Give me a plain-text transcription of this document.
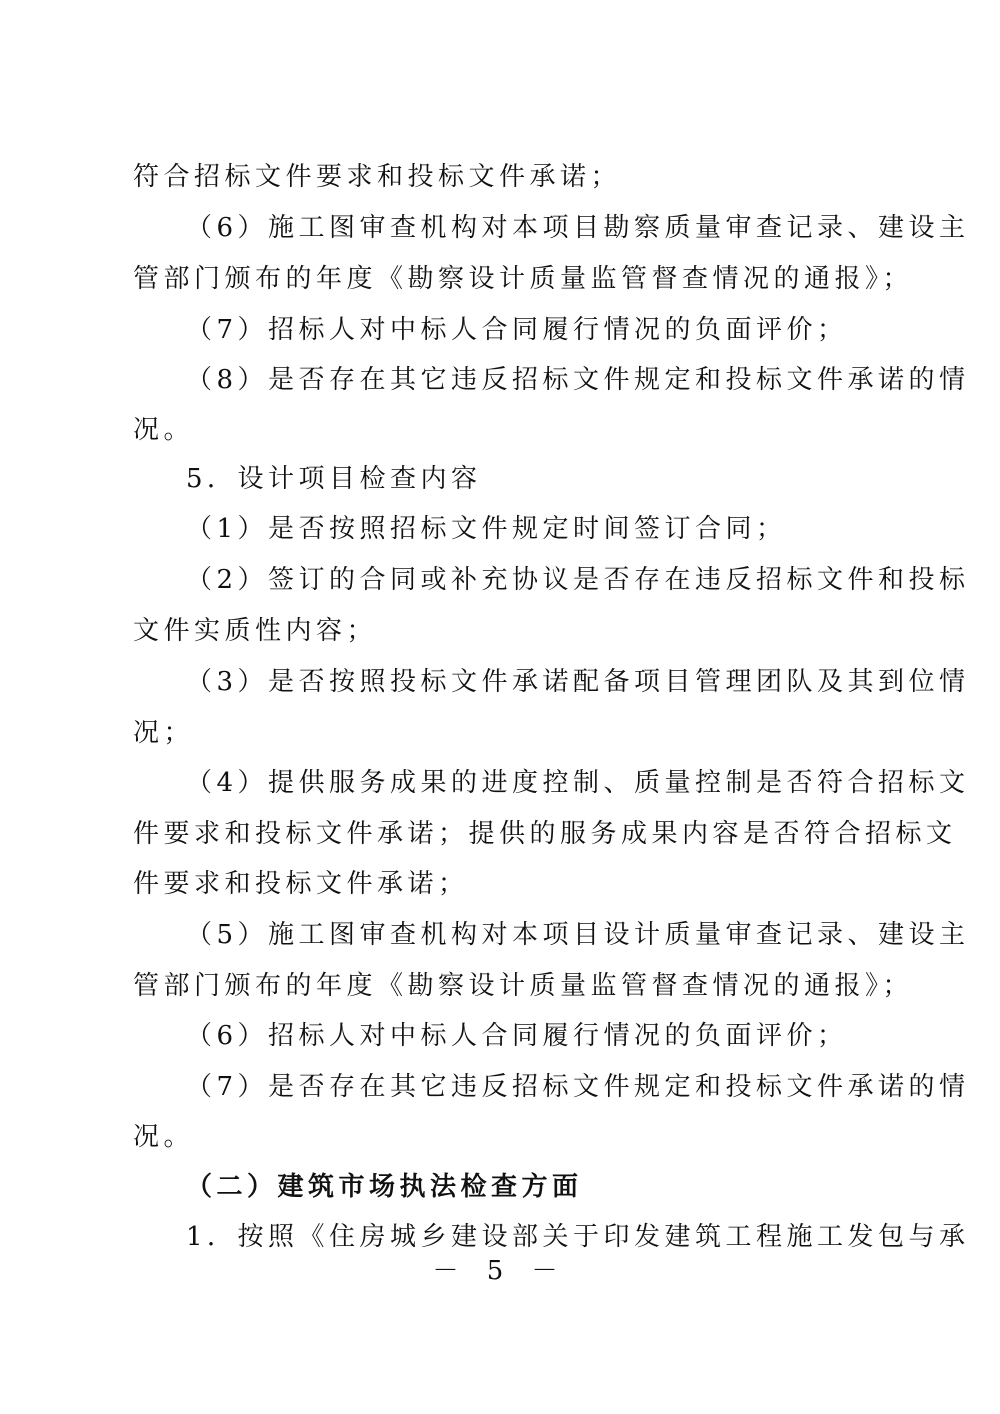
符合招标文件要求和投标文件承诺；
（6）施工图审查机构对本项目勘察质量审查记录、建设主
管部门颁布的年度《勘察设计质量监管督查情况的通报》；
（7）招标人对中标人合同履行情况的负面评价；
（8）是否存在其它违反招标文件规定和投标文件承诺的情
况。
5．设计项目检查内容
（1）是否按照招标文件规定时间签订合同；
（2）签订的合同或补充协议是否存在违反招标文件和投标
文件实质性内容；
（3）是否按照投标文件承诺配备项目管理团队及其到位情
况；
（4）提供服务成果的进度控制、质量控制是否符合招标文
件要求和投标文件承诺；提供的服务成果内容是否符合招标文
件要求和投标文件承诺；
（5）施工图审查机构对本项目设计质量审查记录、建设主
管部门颁布的年度《勘察设计质量监管督查情况的通报》；
（6）招标人对中标人合同履行情况的负面评价；
（7）是否存在其它违反招标文件规定和投标文件承诺的情
况。
（二）建筑市场执法检查方面
1．按照《住房城乡建设部关于印发建筑工程施工发包与承
－ 5 －
